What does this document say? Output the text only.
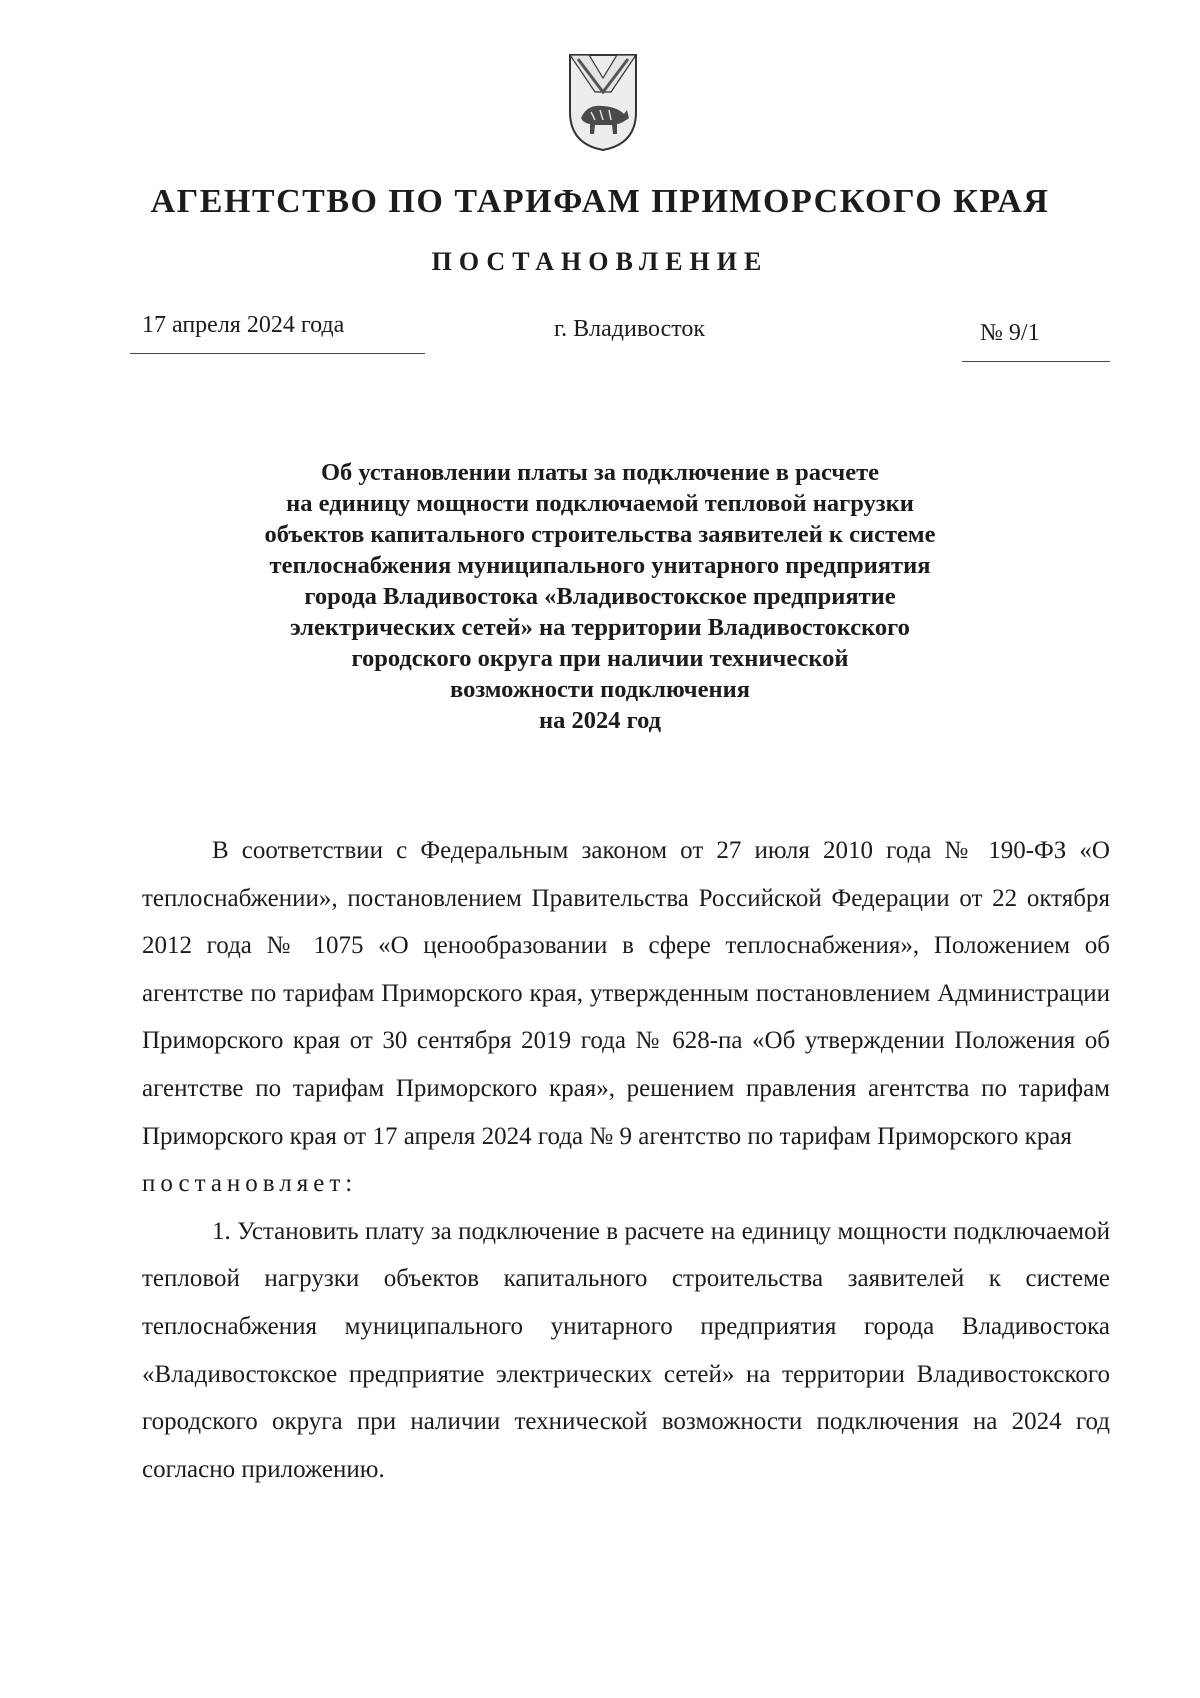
АГЕНТСТВО ПО ТАРИФАМ ПРИМОРСКОГО КРАЯ
ПОСТАНОВЛЕНИЕ
17 апреля 2024 года	г. Владивосток	№ 9/1
Об установлении платы за подключение в расчете
на единицу мощности подключаемой тепловой нагрузки
объектов капитального строительства заявителей к системе
теплоснабжения муниципального унитарного предприятия
города Владивостока «Владивостокское предприятие
электрических сетей» на территории Владивостокского
городского округа при наличии технической
возможности подключения
на 2024 год

В соответствии с Федеральным законом от 27 июля 2010 года № 190-ФЗ «О теплоснабжении», постановлением Правительства Российской Федерации от 22 октября 2012 года № 1075 «О ценообразовании в сфере теплоснабжения», Положением об агентстве по тарифам Приморского края, утвержденным постановлением Администрации Приморского края от 30 сентября 2019 года № 628-па «Об утверждении Положения об агентстве по тарифам Приморского края», решением правления агентства по тарифам Приморского края от 17 апреля 2024 года № 9 агентство по тарифам Приморского края

постановляет:

1. Установить плату за подключение в расчете на единицу мощности подключаемой тепловой нагрузки объектов капитального строительства заявителей к системе теплоснабжения муниципального унитарного предприятия города Владивостока «Владивостокское предприятие электрических сетей» на территории Владивостокского городского округа при наличии технической возможности подключения на 2024 год согласно приложению.
